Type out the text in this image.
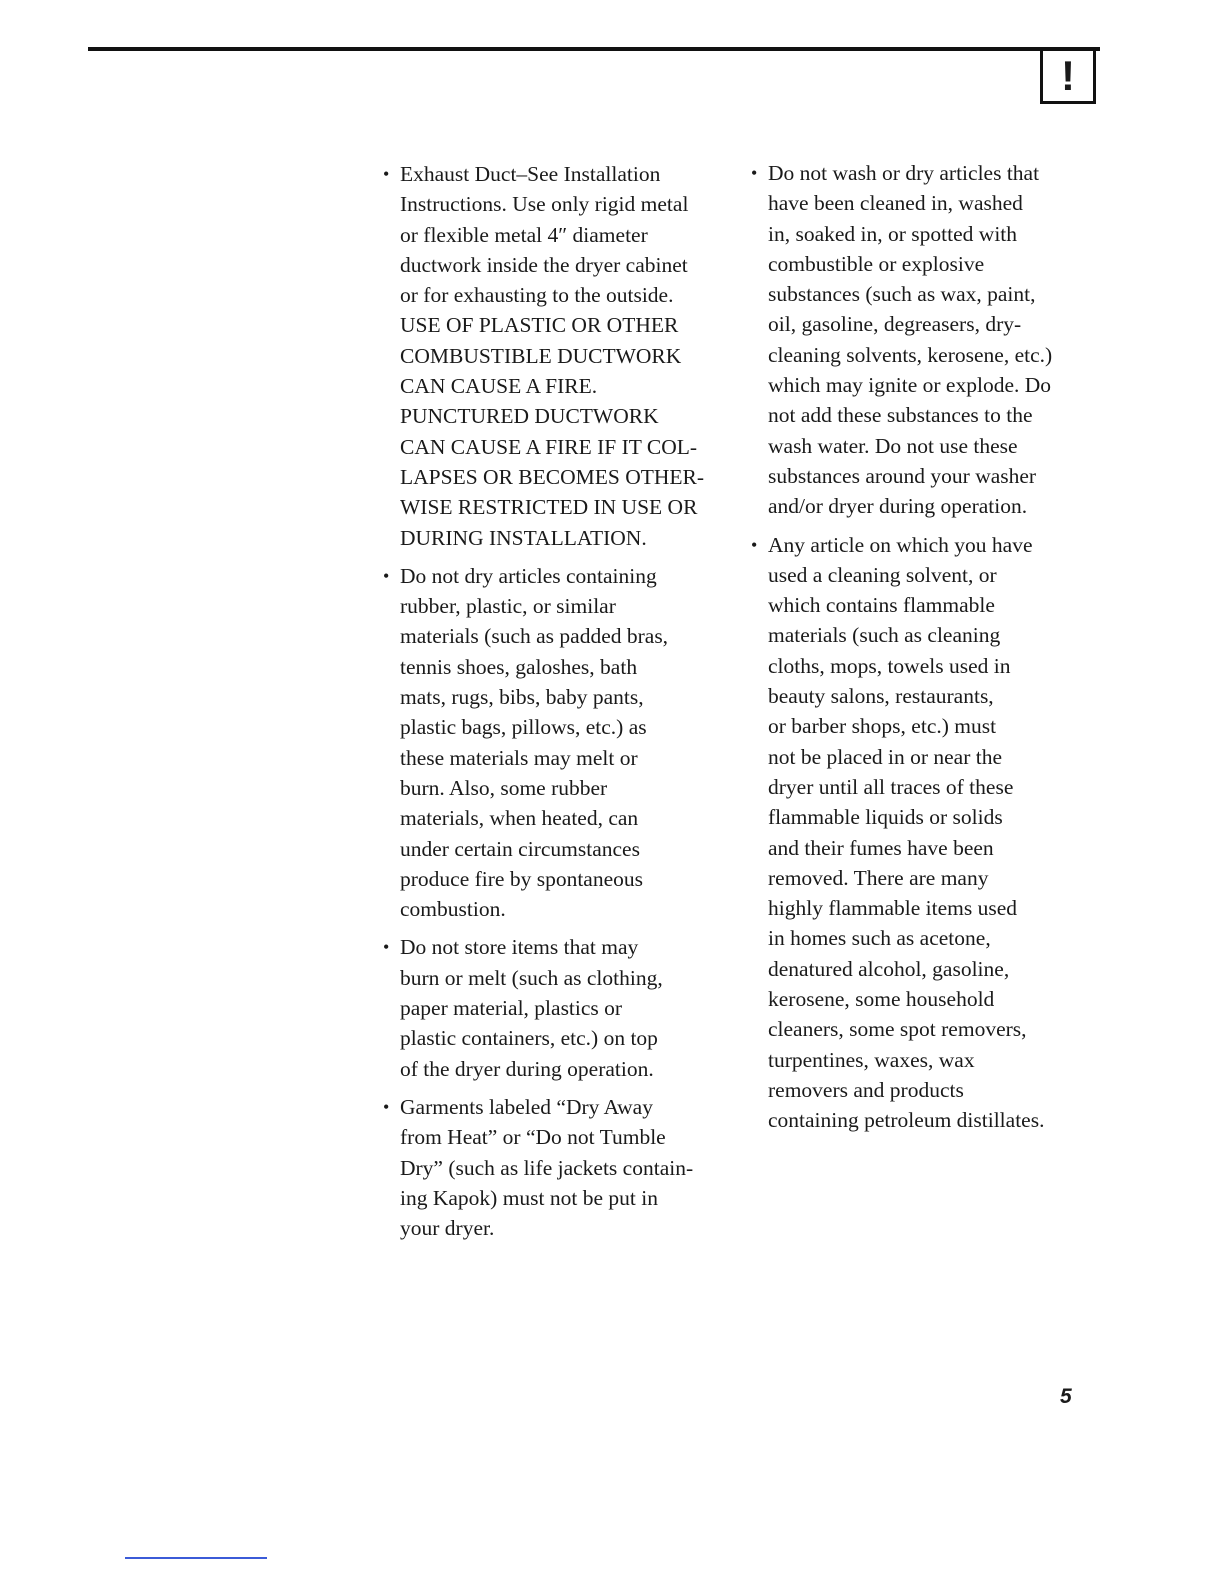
!
• Exhaust Duct–See Installation
Instructions. Use only rigid metal
or flexible metal 4″ diameter
ductwork inside the dryer cabinet
or for exhausting to the outside.
USE OF PLASTIC OR OTHER
COMBUSTIBLE DUCTWORK
CAN CAUSE A FIRE.
PUNCTURED DUCTWORK
CAN CAUSE A FIRE IF IT COL-
LAPSES OR BECOMES OTHER-
WISE RESTRICTED IN USE OR
DURING INSTALLATION.
• Do not dry articles containing
rubber, plastic, or similar
materials (such as padded bras,
tennis shoes, galoshes, bath
mats, rugs, bibs, baby pants,
plastic bags, pillows, etc.) as
these materials may melt or
burn. Also, some rubber
materials, when heated, can
under certain circumstances
produce fire by spontaneous
combustion.
• Do not store items that may
burn or melt (such as clothing,
paper material, plastics or
plastic containers, etc.) on top
of the dryer during operation.
• Garments labeled “Dry Away
from Heat” or “Do not Tumble
Dry” (such as life jackets contain-
ing Kapok) must not be put in
your dryer.
• Do not wash or dry articles that
have been cleaned in, washed
in, soaked in, or spotted with
combustible or explosive
substances (such as wax, paint,
oil, gasoline, degreasers, dry-
cleaning solvents, kerosene, etc.)
which may ignite or explode. Do
not add these substances to the
wash water. Do not use these
substances around your washer
and/or dryer during operation.
• Any article on which you have
used a cleaning solvent, or
which contains flammable
materials (such as cleaning
cloths, mops, towels used in
beauty salons, restaurants,
or barber shops, etc.) must
not be placed in or near the
dryer until all traces of these
flammable liquids or solids
and their fumes have been
removed. There are many
highly flammable items used
in homes such as acetone,
denatured alcohol, gasoline,
kerosene, some household
cleaners, some spot removers,
turpentines, waxes, wax
removers and products
containing petroleum distillates.
5
